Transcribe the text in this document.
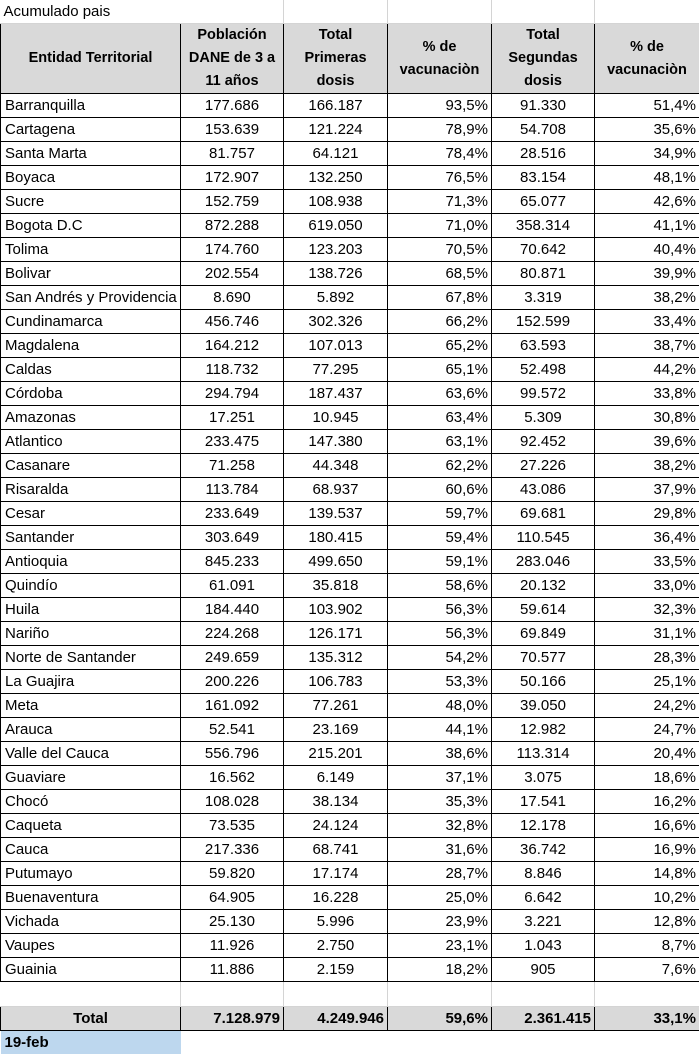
Acumulado pais					
Entidad Territorial	Población DANE de 3 a 11 años	Total Primeras dosis	% de vacunaciòn	Total Segundas dosis	% de vacunaciòn
Barranquilla	177.686	166.187	93,5%	91.330	51,4%
Cartagena	153.639	121.224	78,9%	54.708	35,6%
Santa Marta	81.757	64.121	78,4%	28.516	34,9%
Boyaca	172.907	132.250	76,5%	83.154	48,1%
Sucre	152.759	108.938	71,3%	65.077	42,6%
Bogota D.C	872.288	619.050	71,0%	358.314	41,1%
Tolima	174.760	123.203	70,5%	70.642	40,4%
Bolivar	202.554	138.726	68,5%	80.871	39,9%
San Andrés y Providencia	8.690	5.892	67,8%	3.319	38,2%
Cundinamarca	456.746	302.326	66,2%	152.599	33,4%
Magdalena	164.212	107.013	65,2%	63.593	38,7%
Caldas	118.732	77.295	65,1%	52.498	44,2%
Córdoba	294.794	187.437	63,6%	99.572	33,8%
Amazonas	17.251	10.945	63,4%	5.309	30,8%
Atlantico	233.475	147.380	63,1%	92.452	39,6%
Casanare	71.258	44.348	62,2%	27.226	38,2%
Risaralda	113.784	68.937	60,6%	43.086	37,9%
Cesar	233.649	139.537	59,7%	69.681	29,8%
Santander	303.649	180.415	59,4%	110.545	36,4%
Antioquia	845.233	499.650	59,1%	283.046	33,5%
Quindío	61.091	35.818	58,6%	20.132	33,0%
Huila	184.440	103.902	56,3%	59.614	32,3%
Nariño	224.268	126.171	56,3%	69.849	31,1%
Norte de Santander	249.659	135.312	54,2%	70.577	28,3%
La Guajira	200.226	106.783	53,3%	50.166	25,1%
Meta	161.092	77.261	48,0%	39.050	24,2%
Arauca	52.541	23.169	44,1%	12.982	24,7%
Valle del Cauca	556.796	215.201	38,6%	113.314	20,4%
Guaviare	16.562	6.149	37,1%	3.075	18,6%
Chocó	108.028	38.134	35,3%	17.541	16,2%
Caqueta	73.535	24.124	32,8%	12.178	16,6%
Cauca	217.336	68.741	31,6%	36.742	16,9%
Putumayo	59.820	17.174	28,7%	8.846	14,8%
Buenaventura	64.905	16.228	25,0%	6.642	10,2%
Vichada	25.130	5.996	23,9%	3.221	12,8%
Vaupes	11.926	2.750	23,1%	1.043	8,7%
Guainia	11.886	2.159	18,2%	905	7,6%

Total	7.128.979	4.249.946	59,6%	2.361.415	33,1%
19-feb					
